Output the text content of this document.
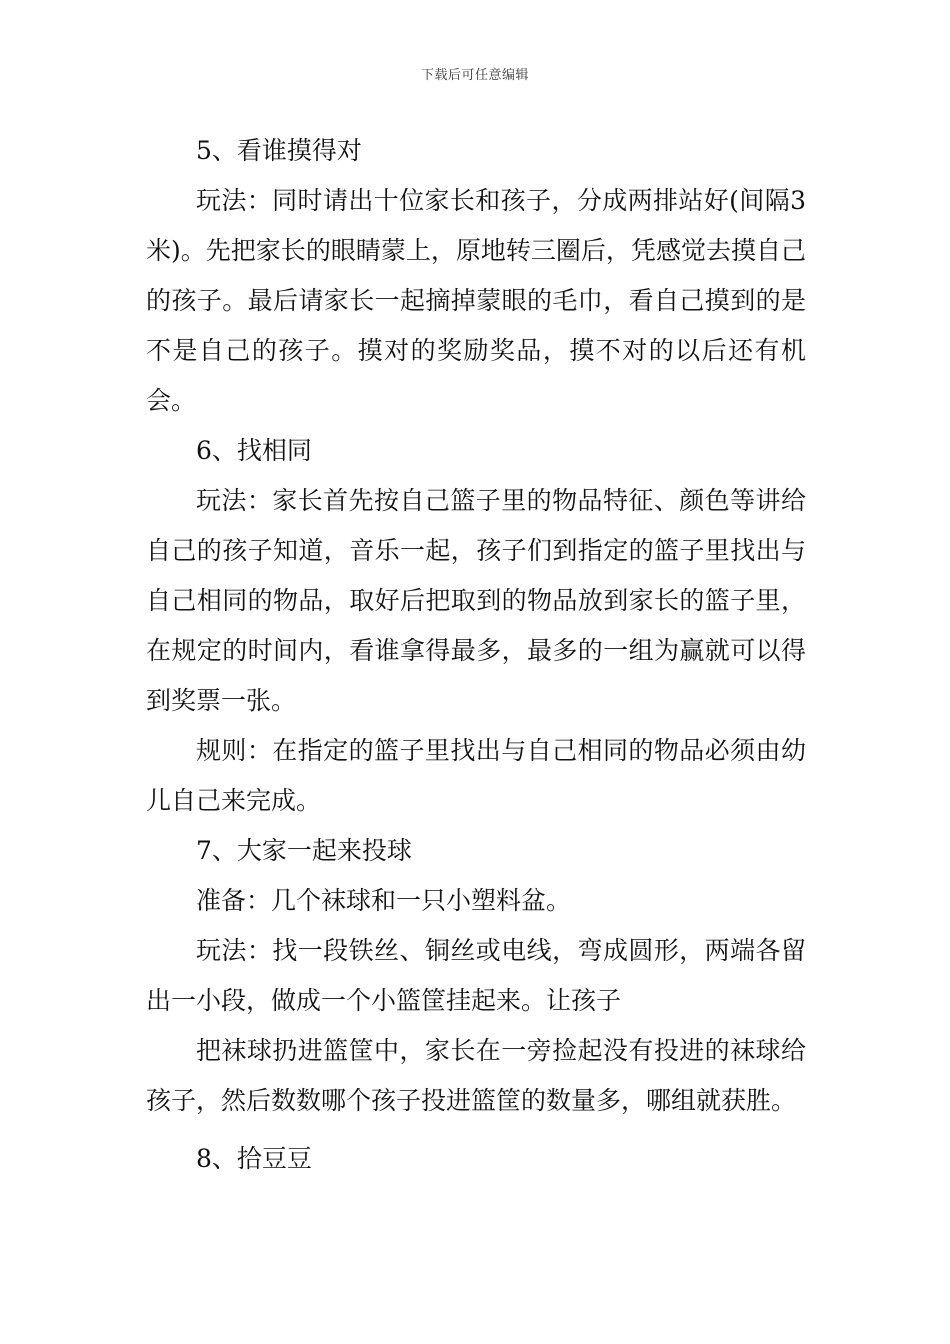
下载后可任意编辑

5、看谁摸得对

玩法：同时请出十位家长和孩子，分成两排站好(间隔3米)。先把家长的眼睛蒙上，原地转三圈后，凭感觉去摸自己的孩子。最后请家长一起摘掉蒙眼的毛巾，看自己摸到的是不是自己的孩子。摸对的奖励奖品，摸不对的以后还有机会。

6、找相同

玩法：家长首先按自己篮子里的物品特征、颜色等讲给自己的孩子知道，音乐一起，孩子们到指定的篮子里找出与自己相同的物品，取好后把取到的物品放到家长的篮子里，在规定的时间内，看谁拿得最多，最多的一组为赢就可以得到奖票一张。

规则：在指定的篮子里找出与自己相同的物品必须由幼儿自己来完成。

7、大家一起来投球

准备：几个袜球和一只小塑料盆。

玩法：找一段铁丝、铜丝或电线，弯成圆形，两端各留出一小段，做成一个小篮筐挂起来。让孩子

把袜球扔进篮筐中，家长在一旁捡起没有投进的袜球给孩子，然后数数哪个孩子投进篮筐的数量多，哪组就获胜。

8、拾豆豆
